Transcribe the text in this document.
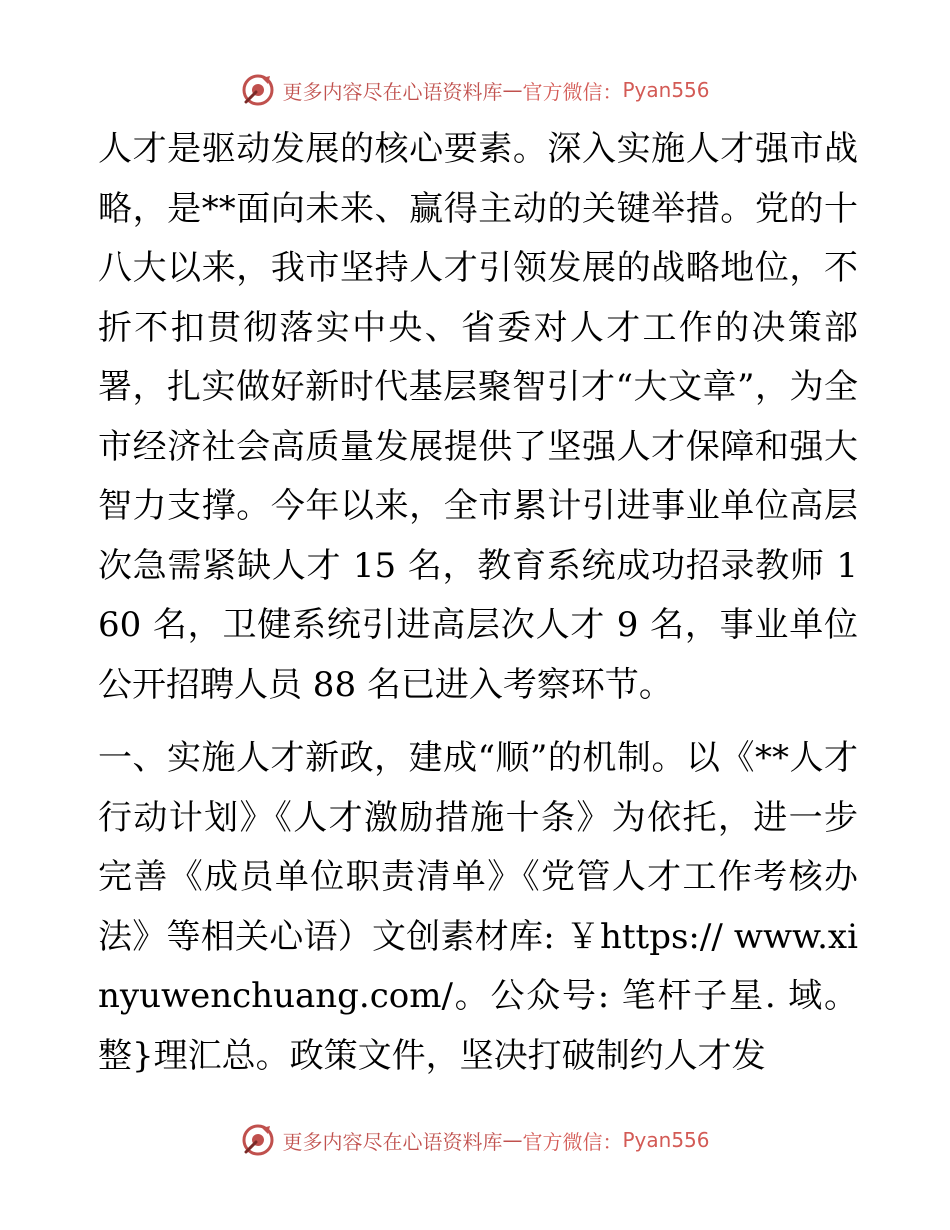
更多内容尽在心语资料库 — 官方微信： Pyan556

人才是驱动发展的核心要素。深入实施人才强市战略，是**面向未来、赢得主动的关键举措。党的十八大以来，我市坚持人才引领发展的战略地位，不折不扣贯彻落实中央、省委对人才工作的决策部署，扎实做好新时代基层聚智引才“大文章”，为全市经济社会高质量发展提供了坚强人才保障和强大智力支撑。今年以来，全市累计引进事业单位高层次急需紧缺人才 15 名，教育系统成功招录教师 160 名，卫健系统引进高层次人才 9 名，事业单位公开招聘人员 88 名已进入考察环节。

一、实施人才新政，建成“顺”的机制。以《**人才行动计划》《人才激励措施十条》为依托，进一步完善《成员单位职责清单》《党管人才工作考核办法》等相关心语）文创素材库: ￥https:// www.xinyuwenchuang.com/。公众号: 笔杆子星. 域。整}理汇总。政策文件，坚决打破制约人才发

更多内容尽在心语资料库 — 官方微信： Pyan556
